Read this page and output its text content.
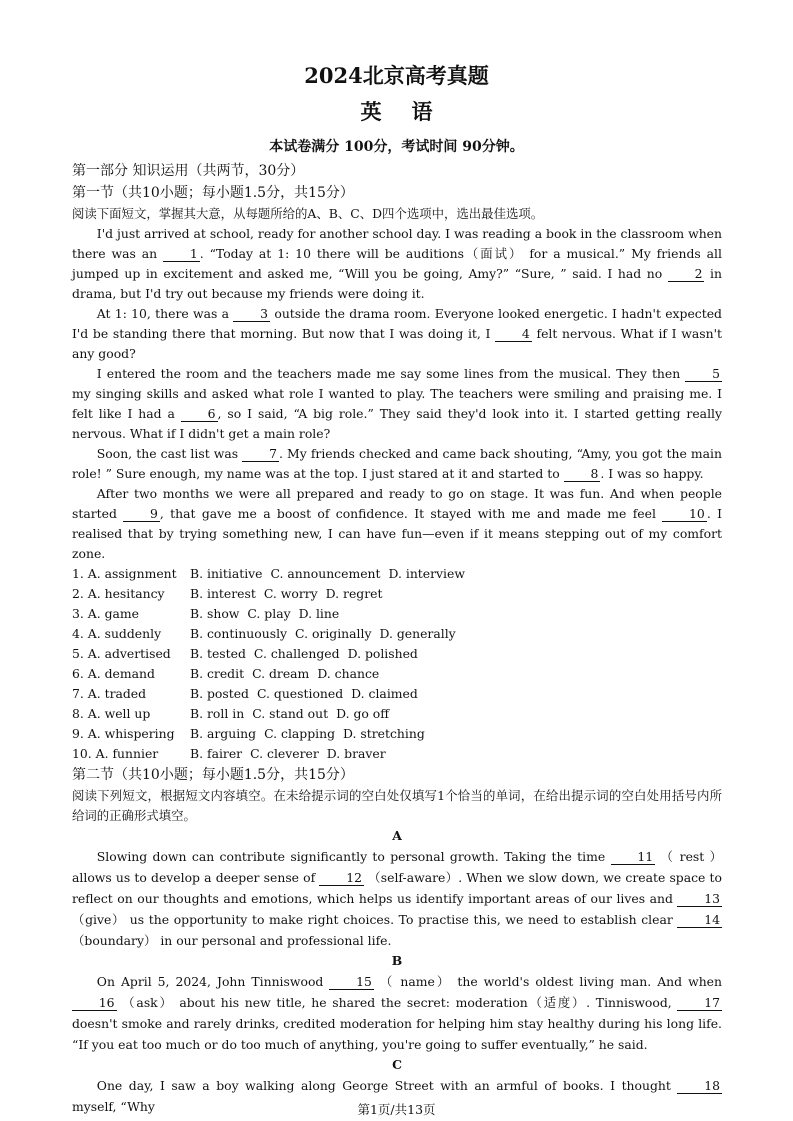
2024北京高考真题
英语
本试卷满分 100分，考试时间 90分钟。
第一部分 知识运用（共两节，30分）
第一节（共10小题；每小题1.5分，共15分）
阅读下面短文，掌握其大意，从每题所给的A、B、C、D四个选项中，选出最佳选项。

I'd just arrived at school, ready for another school day. I was reading a book in the classroom when there was an 1 . “Today at 1: 10 there will be auditions（面试） for a musical.” My friends all jumped up in excitement and asked me, “Will you be going, Amy?” “Sure, ” said. I had no 2 in drama, but I'd try out because my friends were doing it.

At 1: 10, there was a 3 outside the drama room. Everyone looked energetic. I hadn't expected I'd be standing there that morning. But now that I was doing it, I 4 felt nervous. What if I wasn't any good?

I entered the room and the teachers made me say some lines from the musical. They then 5 my singing skills and asked what role I wanted to play. The teachers were smiling and praising me. I felt like I had a 6 , so I said, “A big role.” They said they'd look into it. I started getting really nervous. What if I didn't get a main role?

Soon, the cast list was 7 . My friends checked and came back shouting, “Amy, you got the main role! ” Sure enough, my name was at the top. I just stared at it and started to 8 . I was so happy.

After two months we were all prepared and ready to go on stage. It was fun. And when people started 9 , that gave me a boost of confidence. It stayed with me and made me feel 10 . I realised that by trying something new, I can have fun—even if it means stepping out of my comfort zone.

1. A. assignment B. initiative C. announcement D. interview
2. A. hesitancy B. interest C. worry D. regret
3. A. game	B. show C. play D. line
4. A. suddenly B. continuously C. originally D. generally
5. A. advertised B. tested C. challenged D. polished
6. A. demand	B. credit C. dream D. chance
7. A. traded	B. posted C. questioned D. claimed
8. A. well up	B. roll in C. stand out D. go off
9. A. whispering B. arguing C. clapping D. stretching
10. A. funnier	B. fairer C. cleverer D. braver
第二节（共10小题；每小题1.5分，共15分）
阅读下列短文，根据短文内容填空。在未给提示词的空白处仅填写1个恰当的单词，在给出提示词的空白处用括号内所给词的正确形式填空。
A

Slowing down can contribute significantly to personal growth. Taking the time 11 （ rest ） allows us to develop a deeper sense of 12 （self-aware）. When we slow down, we create space to reflect on our thoughts and emotions, which helps us identify important areas of our lives and 13 （give） us the opportunity to make right choices. To practise this, we need to establish clear 14 （boundary） in our personal and professional life.

B

On April 5, 2024, John Tinniswood 15 （ name） the world's oldest living man. And when 16 （ask） about his new title, he shared the secret: moderation（适度）. Tinniswood, 17 doesn't smoke and rarely drinks, credited moderation for helping him stay healthy during his long life. “If you eat too much or do too much of anything, you're going to suffer eventually,” he said.

C

One day, I saw a boy walking along George Street with an armful of books. I thought 18 myself, “Why	第1页/共13页
